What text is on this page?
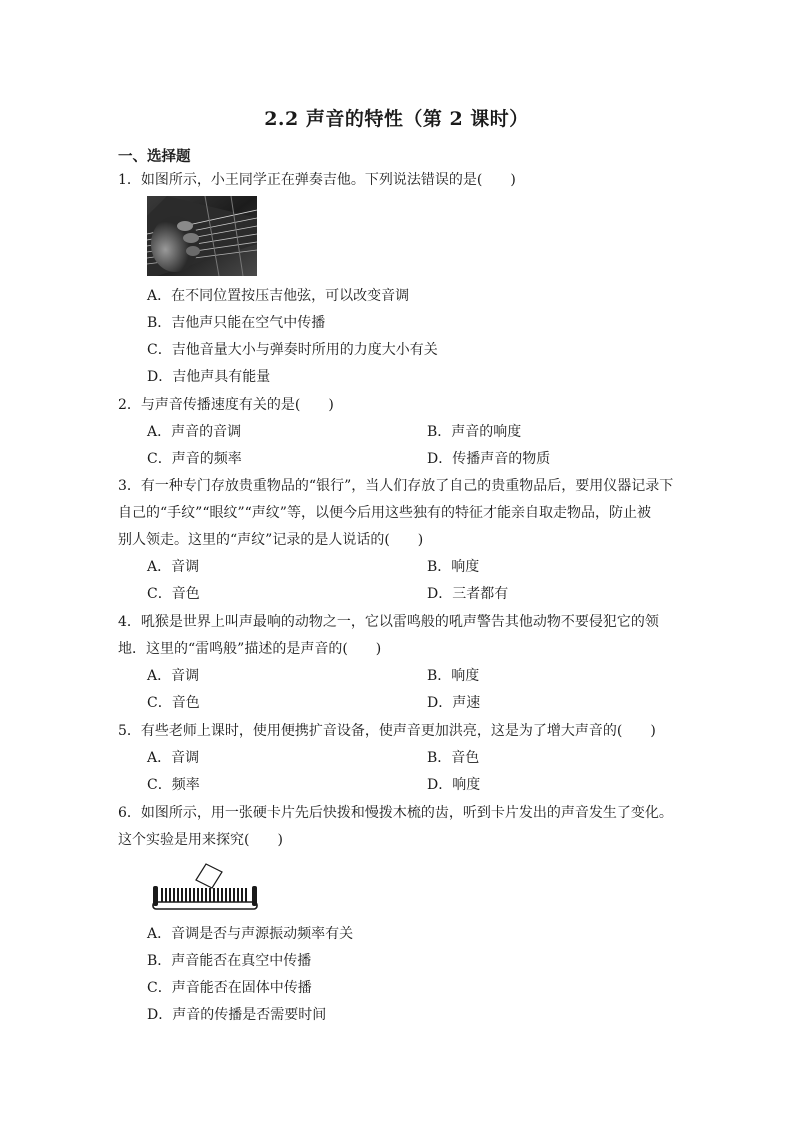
2.2 声音的特性（第 2 课时）
一、选择题
1．如图所示，小王同学正在弹奏吉他。下列说法错误的是(　　)
A．在不同位置按压吉他弦，可以改变音调
B．吉他声只能在空气中传播
C．吉他音量大小与弹奏时所用的力度大小有关
D．吉他声具有能量
2．与声音传播速度有关的是(　　)
A．声音的音调	B．声音的响度
C．声音的频率	D．传播声音的物质
3．有一种专门存放贵重物品的“银行”，当人们存放了自己的贵重物品后，要用仪器记录下
自己的“手纹”“眼纹”“声纹”等，以便今后用这些独有的特征才能亲自取走物品，防止被
别人领走。这里的“声纹”记录的是人说话的(　　)
A．音调	B．响度
C．音色	D．三者都有
4．吼猴是世界上叫声最响的动物之一，它以雷鸣般的吼声警告其他动物不要侵犯它的领
地．这里的“雷鸣般”描述的是声音的(　　)
A．音调	B．响度
C．音色	D．声速
5．有些老师上课时，使用便携扩音设备，使声音更加洪亮，这是为了增大声音的(　　)
A．音调	B．音色
C．频率	D．响度
6．如图所示，用一张硬卡片先后快拨和慢拨木梳的齿，听到卡片发出的声音发生了变化。
这个实验是用来探究(　　)
A．音调是否与声源振动频率有关
B．声音能否在真空中传播
C．声音能否在固体中传播
D．声音的传播是否需要时间
